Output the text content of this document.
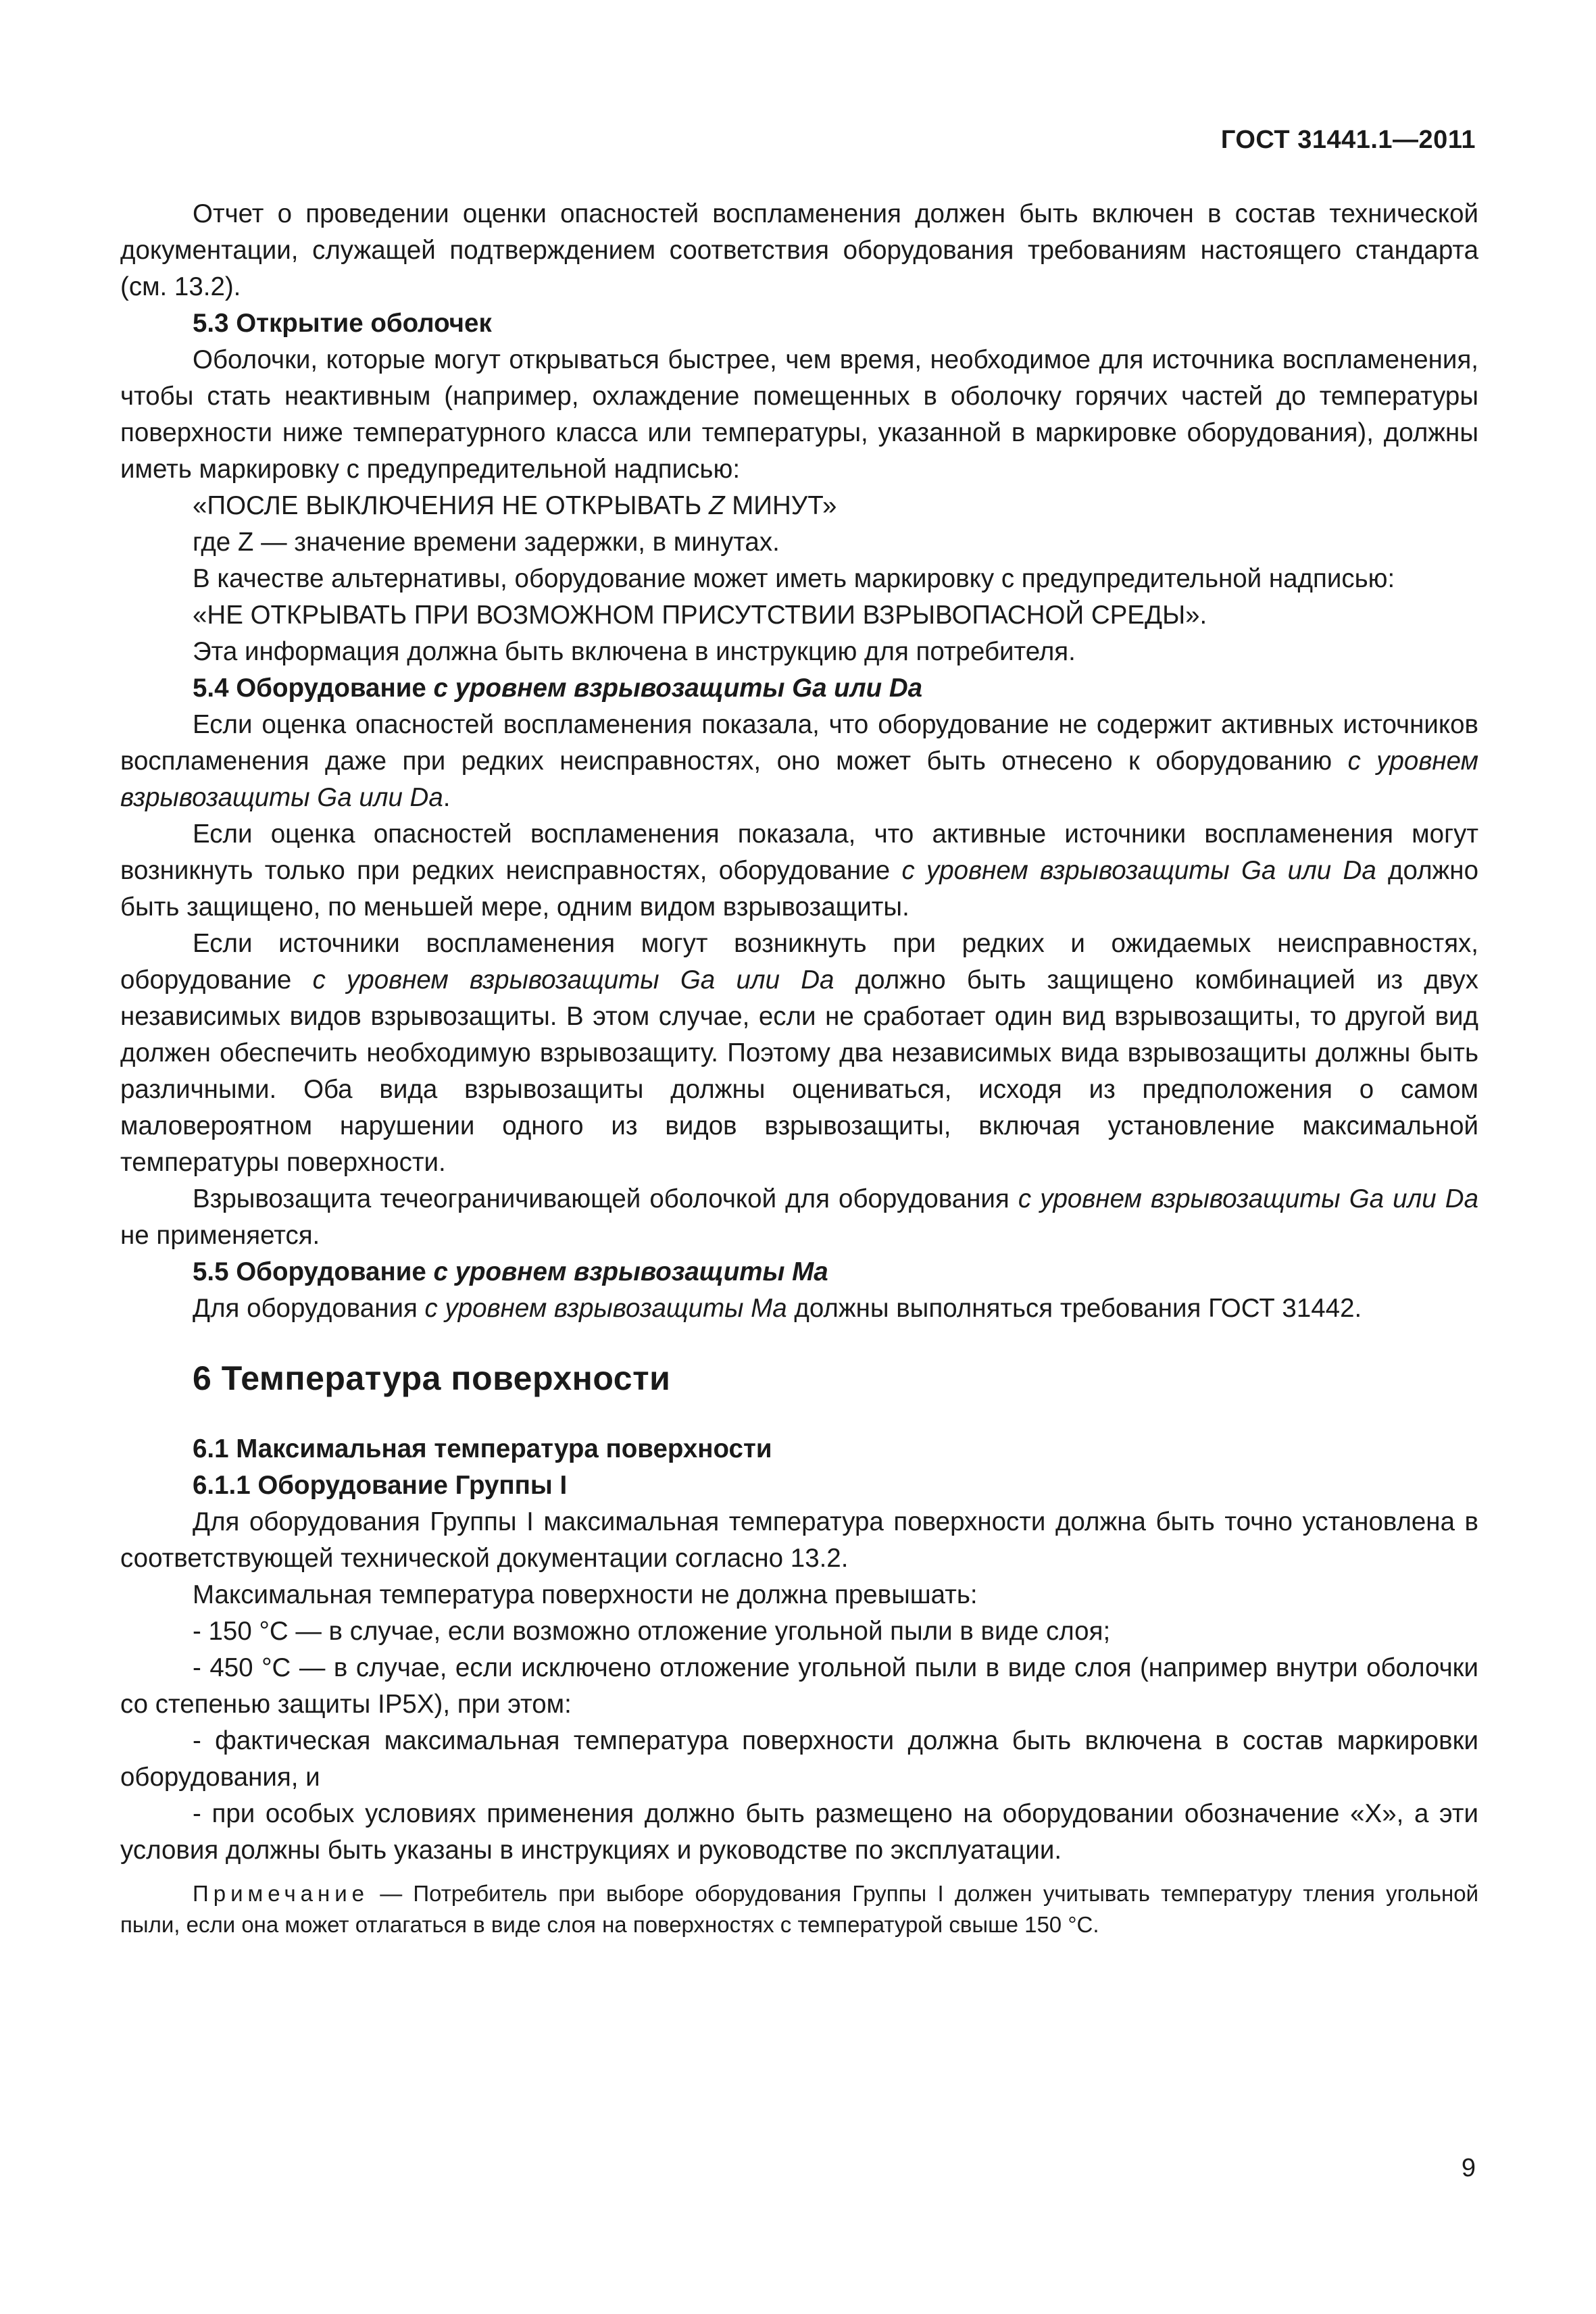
ГОСТ 31441.1—2011

Отчет о проведении оценки опасностей воспламенения должен быть включен в состав технической документации, служащей подтверждением соответствия оборудования требованиям настоящего стандарта (см. 13.2).

5.3 Открытие оболочек

Оболочки, которые могут открываться быстрее, чем время, необходимое для источника воспламенения, чтобы стать неактивным (например, охлаждение помещенных в оболочку горячих частей до температуры поверхности ниже температурного класса или температуры, указанной в маркировке оборудования), должны иметь маркировку с предупредительной надписью:

«ПОСЛЕ ВЫКЛЮЧЕНИЯ НЕ ОТКРЫВАТЬ Z МИНУТ»

где Z — значение времени задержки, в минутах.

В качестве альтернативы, оборудование может иметь маркировку с предупредительной надписью:

«НЕ ОТКРЫВАТЬ ПРИ ВОЗМОЖНОМ ПРИСУТСТВИИ ВЗРЫВОПАСНОЙ СРЕДЫ».

Эта информация должна быть включена в инструкцию для потребителя.

5.4 Оборудование с уровнем взрывозащиты Ga или Da

Если оценка опасностей воспламенения показала, что оборудование не содержит активных источников воспламенения даже при редких неисправностях, оно может быть отнесено к оборудованию с уровнем взрывозащиты Ga или Da.

Если оценка опасностей воспламенения показала, что активные источники воспламенения могут возникнуть только при редких неисправностях, оборудование с уровнем взрывозащиты Ga или Da должно быть защищено, по меньшей мере, одним видом взрывозащиты.

Если источники воспламенения могут возникнуть при редких и ожидаемых неисправностях, оборудование с уровнем взрывозащиты Ga или Da должно быть защищено комбинацией из двух независимых видов взрывозащиты. В этом случае, если не сработает один вид взрывозащиты, то другой вид должен обеспечить необходимую взрывозащиту. Поэтому два независимых вида взрывозащиты должны быть различными. Оба вида взрывозащиты должны оцениваться, исходя из предположения о самом маловероятном нарушении одного из видов взрывозащиты, включая установление максимальной температуры поверхности.

Взрывозащита течеограничивающей оболочкой для оборудования с уровнем взрывозащиты Ga или Da не применяется.

5.5 Оборудование с уровнем взрывозащиты Ma

Для оборудования с уровнем взрывозащиты Ma должны выполняться требования ГОСТ 31442.

6 Температура поверхности

6.1 Максимальная температура поверхности

6.1.1 Оборудование Группы I

Для оборудования Группы I максимальная температура поверхности должна быть точно установлена в соответствующей технической документации согласно 13.2.

Максимальная температура поверхности не должна превышать:

- 150 °С — в случае, если возможно отложение угольной пыли в виде слоя;

- 450 °С — в случае, если исключено отложение угольной пыли в виде слоя (например внутри оболочки со степенью защиты IP5X), при этом:

- фактическая максимальная температура поверхности должна быть включена в состав маркировки оборудования, и

- при особых условиях применения должно быть размещено на оборудовании обозначение «X», а эти условия должны быть указаны в инструкциях и руководстве по эксплуатации.

Примечание — Потребитель при выборе оборудования Группы I должен учитывать температуру тления угольной пыли, если она может отлагаться в виде слоя на поверхностях с температурой свыше 150 °С.

9
